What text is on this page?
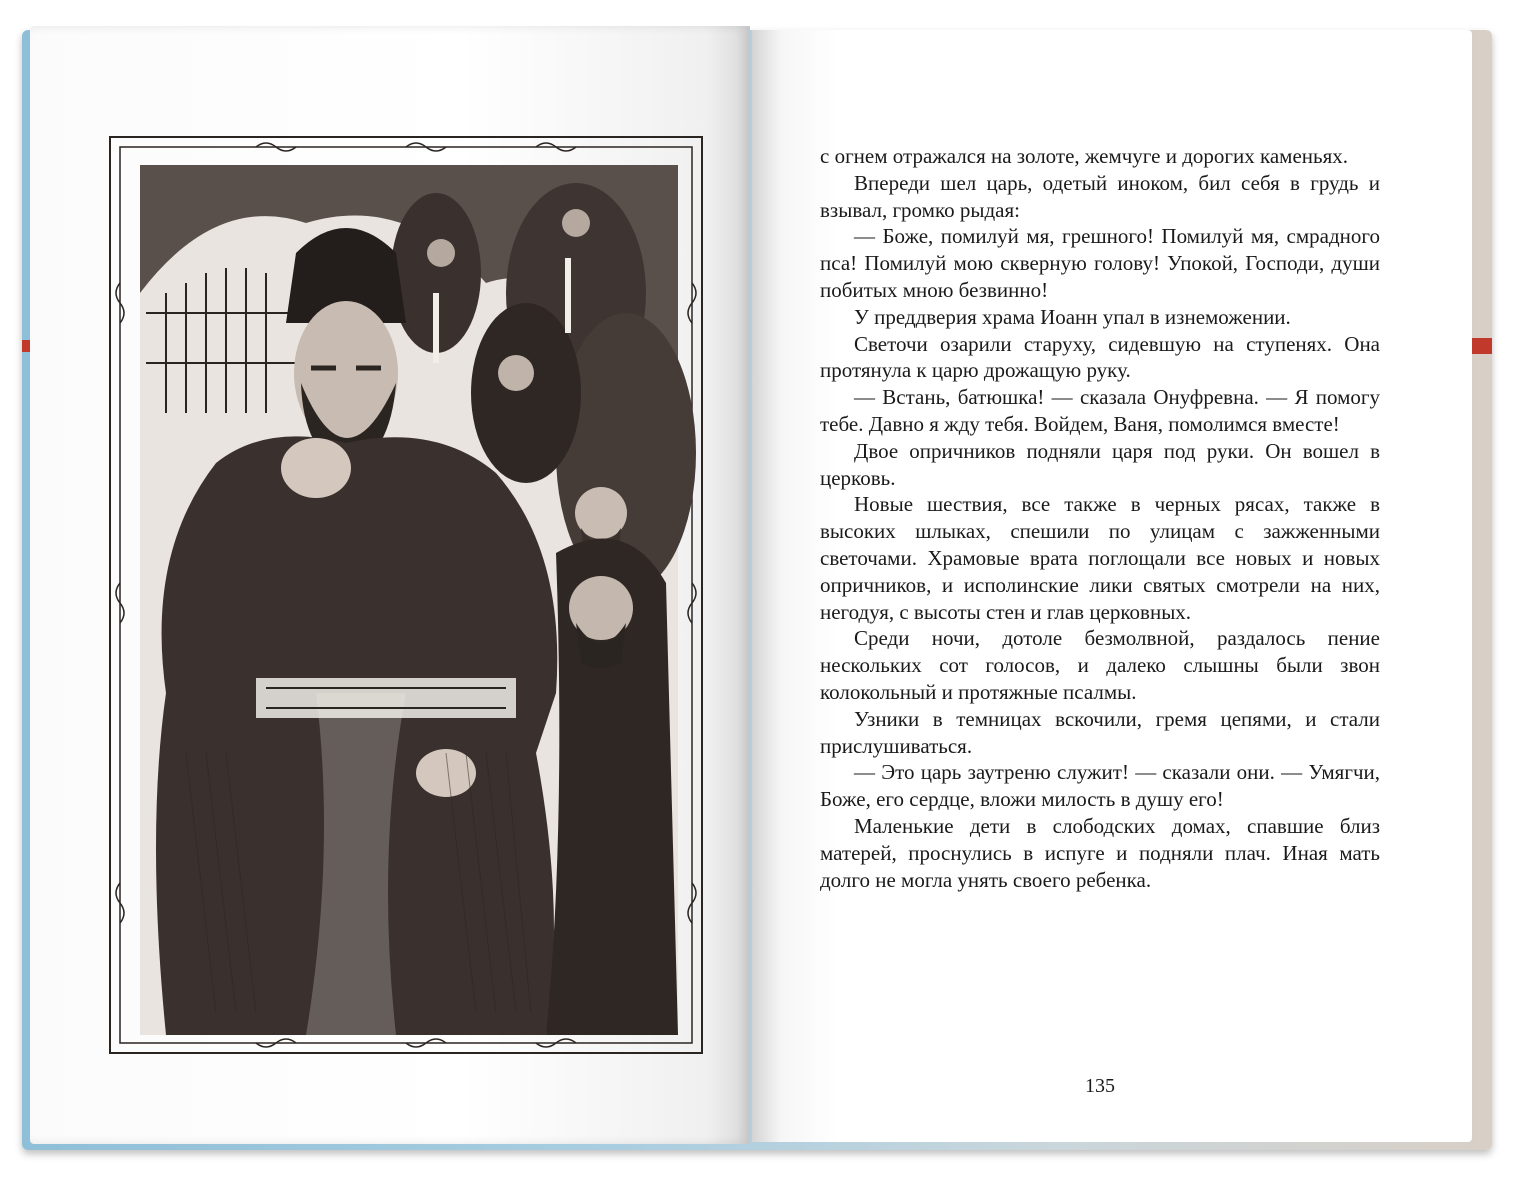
с огнем отражался на золоте, жемчуге и дорогих каменьях.

Впереди шел царь, одетый иноком, бил себя в грудь и взывал, громко рыдая:

— Боже, помилуй мя, грешного! Помилуй мя, смрадного пса! Помилуй мою скверную голову! Упокой, Господи, души побитых мною безвинно!

У преддверия храма Иоанн упал в изнеможении.

Светочи озарили старуху, сидевшую на ступенях. Она протянула к царю дрожащую руку.

— Встань, батюшка! — сказала Онуфревна. — Я помогу тебе. Давно я жду тебя. Войдем, Ваня, помолимся вместе!

Двое опричников подняли царя под руки. Он вошел в церковь.

Новые шествия, все также в черных рясах, также в высоких шлыках, спешили по улицам с зажженными светочами. Храмовые врата поглощали все новых и новых опричников, и исполинские лики святых смотрели на них, негодуя, с высоты стен и глав церковных.

Среди ночи, дотоле безмолвной, раздалось пение нескольких сот голосов, и далеко слышны были звон колокольный и протяжные псалмы.

Узники в темницах вскочили, гремя цепями, и стали прислушиваться.

— Это царь заутреню служит! — сказали они. — Умягчи, Боже, его сердце, вложи милость в душу его!

Маленькие дети в слободских домах, спавшие близ матерей, проснулись в испуге и подняли плач. Иная мать долго не могла унять своего ребенка.

135
